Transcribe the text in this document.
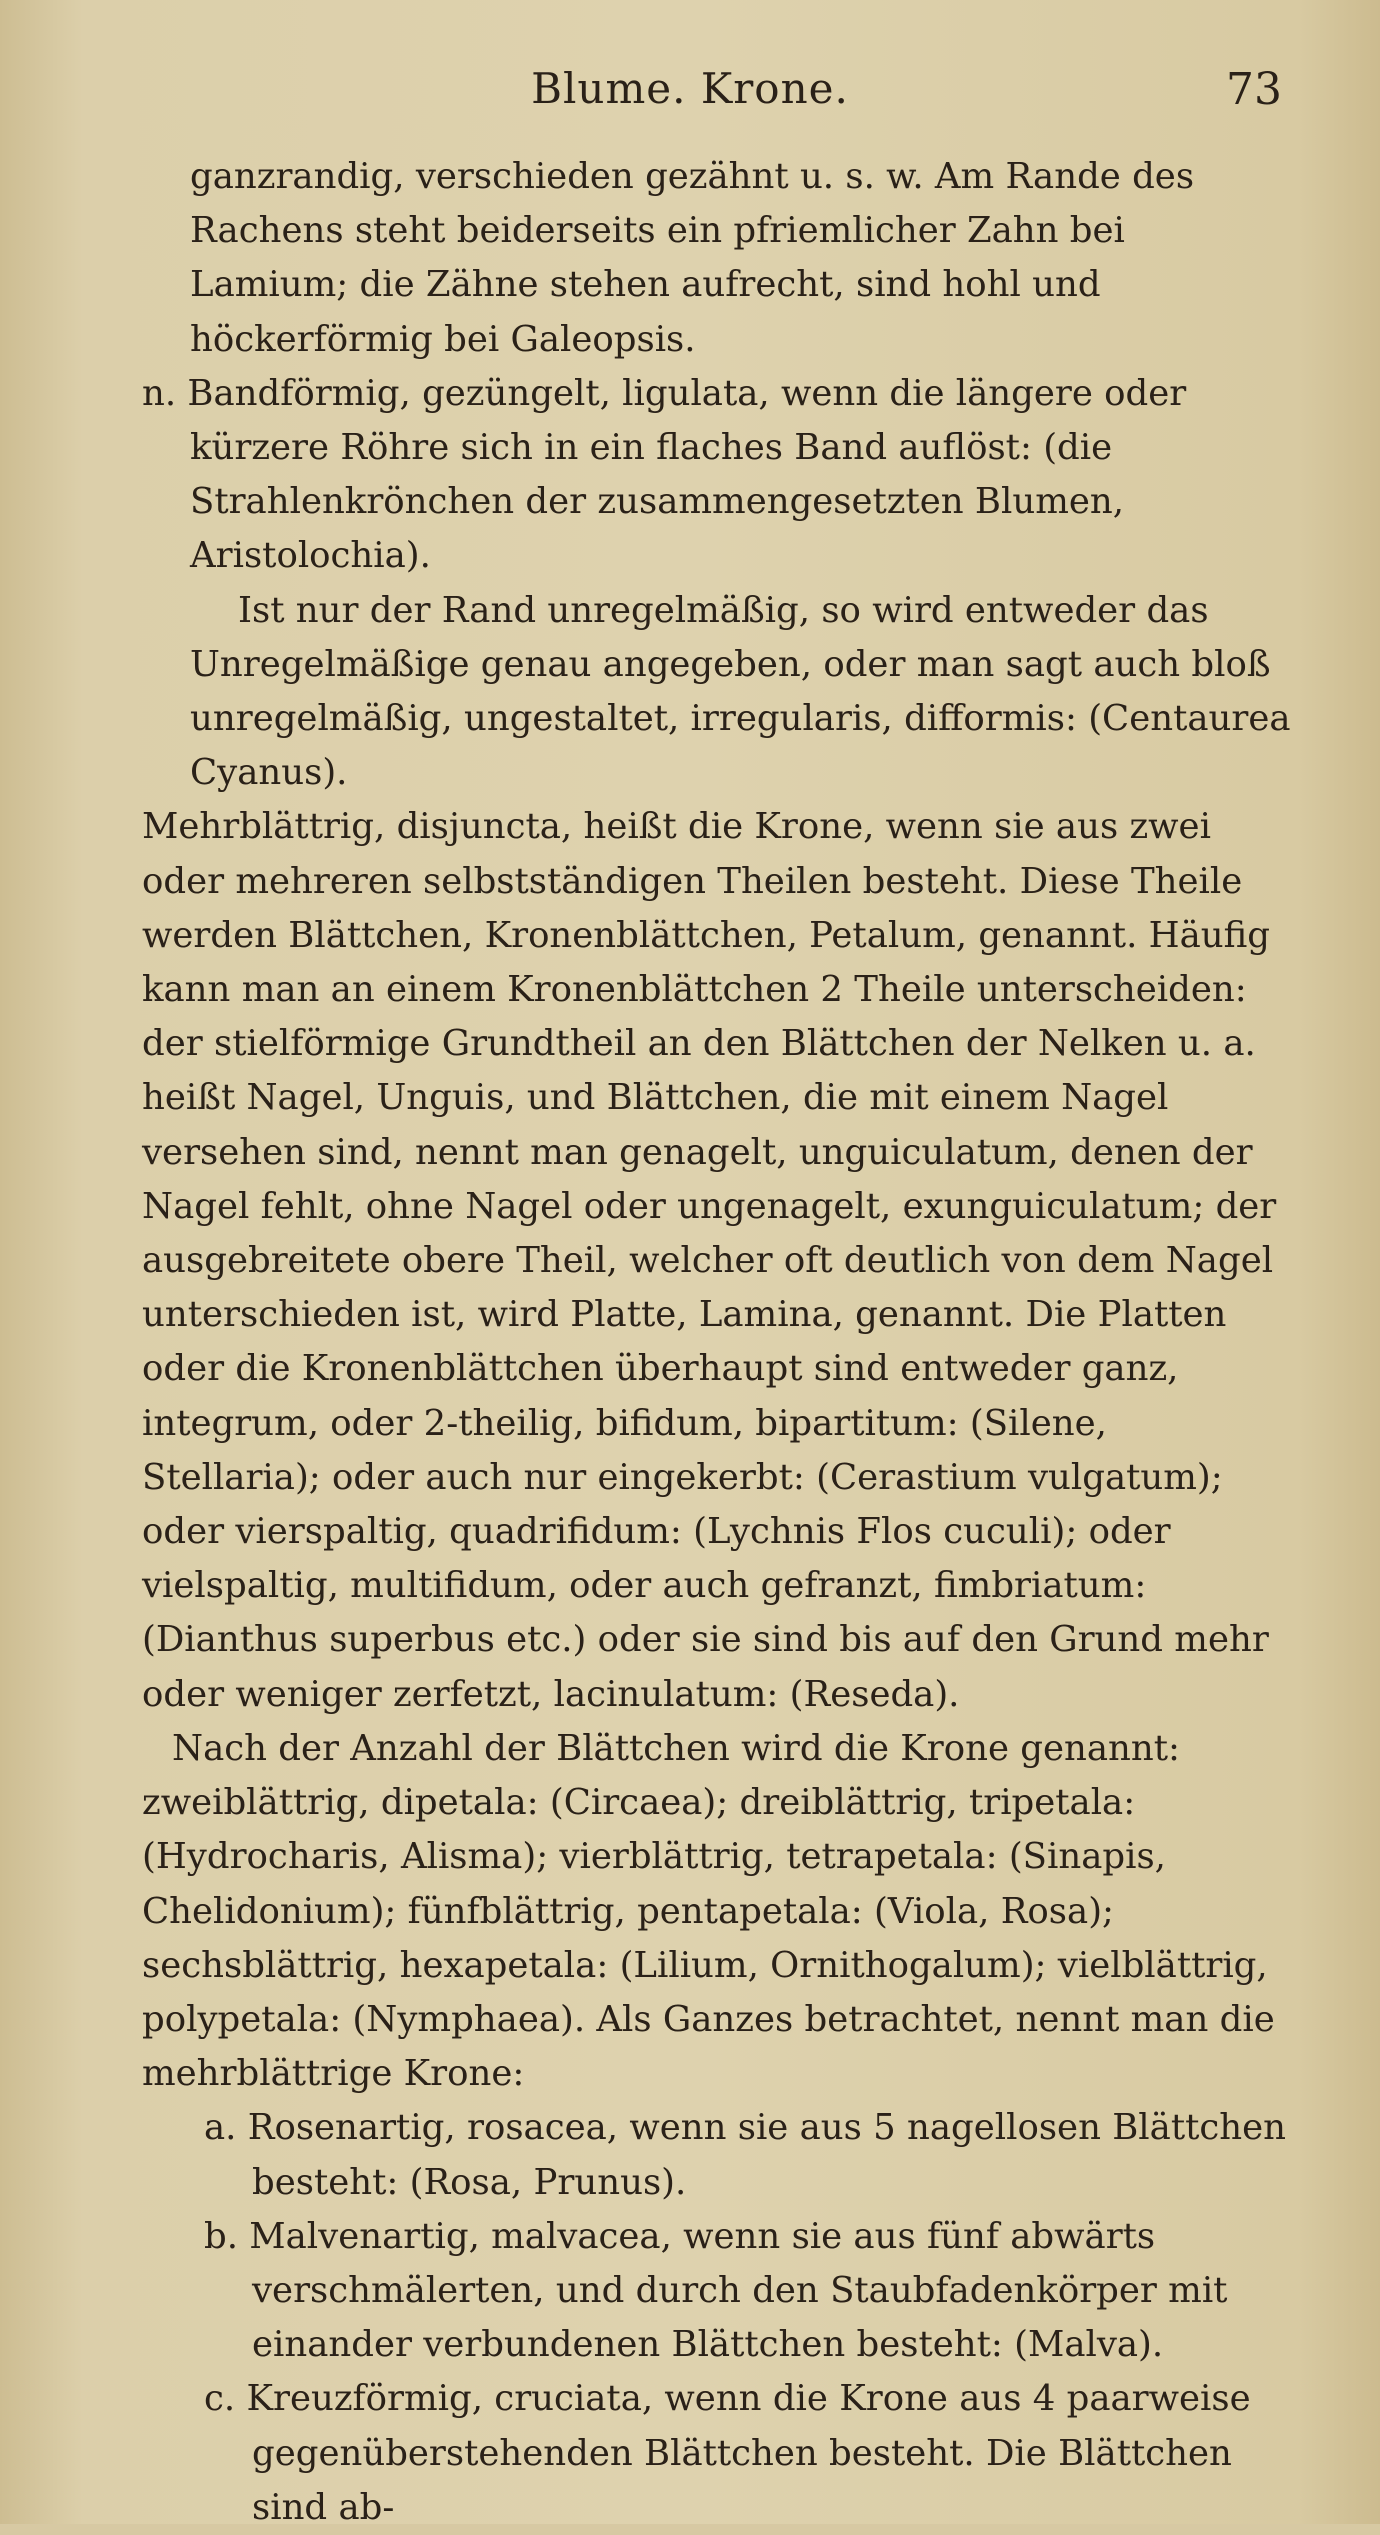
Blume. Krone.	73

ganzrandig, verschieden gezähnt u. s. w. Am Rande des Rachens steht beiderseits ein pfriemlicher Zahn bei Lamium; die Zähne stehen aufrecht, sind hohl und höckerförmig bei Galeopsis.

n. Bandförmig, gezüngelt, ligulata, wenn die längere oder kürzere Röhre sich in ein flaches Band auflöst: (die Strahlenkrönchen der zusammengesetzten Blumen, Aristolochia).

Ist nur der Rand unregelmäßig, so wird entweder das Unregelmäßige genau angegeben, oder man sagt auch bloß unregelmäßig, ungestaltet, irregularis, difformis: (Centaurea Cyanus).

Mehrblättrig, disjuncta, heißt die Krone, wenn sie aus zwei oder mehreren selbstständigen Theilen besteht. Diese Theile werden Blättchen, Kronenblättchen, Petalum, genannt. Häufig kann man an einem Kronenblättchen 2 Theile unterscheiden: der stielförmige Grundtheil an den Blättchen der Nelken u. a. heißt Nagel, Unguis, und Blättchen, die mit einem Nagel versehen sind, nennt man genagelt, unguiculatum, denen der Nagel fehlt, ohne Nagel oder ungenagelt, exunguiculatum; der ausgebreitete obere Theil, welcher oft deutlich von dem Nagel unterschieden ist, wird Platte, Lamina, genannt. Die Platten oder die Kronenblättchen überhaupt sind entweder ganz, integrum, oder 2-theilig, bifidum, bipartitum: (Silene, Stellaria); oder auch nur eingekerbt: (Cerastium vulgatum); oder vierspaltig, quadrifidum: (Lychnis Flos cuculi); oder vielspaltig, multifidum, oder auch gefranzt, fimbriatum: (Dianthus superbus etc.) oder sie sind bis auf den Grund mehr oder weniger zerfetzt, lacinulatum: (Reseda).

Nach der Anzahl der Blättchen wird die Krone genannt: zweiblättrig, dipetala: (Circaea); dreiblättrig, tripetala: (Hydrocharis, Alisma); vierblättrig, tetrapetala: (Sinapis, Chelidonium); fünfblättrig, pentapetala: (Viola, Rosa); sechsblättrig, hexapetala: (Lilium, Ornithogalum); vielblättrig, polypetala: (Nymphaea). Als Ganzes betrachtet, nennt man die mehrblättrige Krone:

a. Rosenartig, rosacea, wenn sie aus 5 nagellosen Blättchen besteht: (Rosa, Prunus).

b. Malvenartig, malvacea, wenn sie aus fünf abwärts verschmälerten, und durch den Staubfadenkörper mit einander verbundenen Blättchen besteht: (Malva).

c. Kreuzförmig, cruciata, wenn die Krone aus 4 paarweise gegenüberstehenden Blättchen besteht. Die Blättchen sind ab-
